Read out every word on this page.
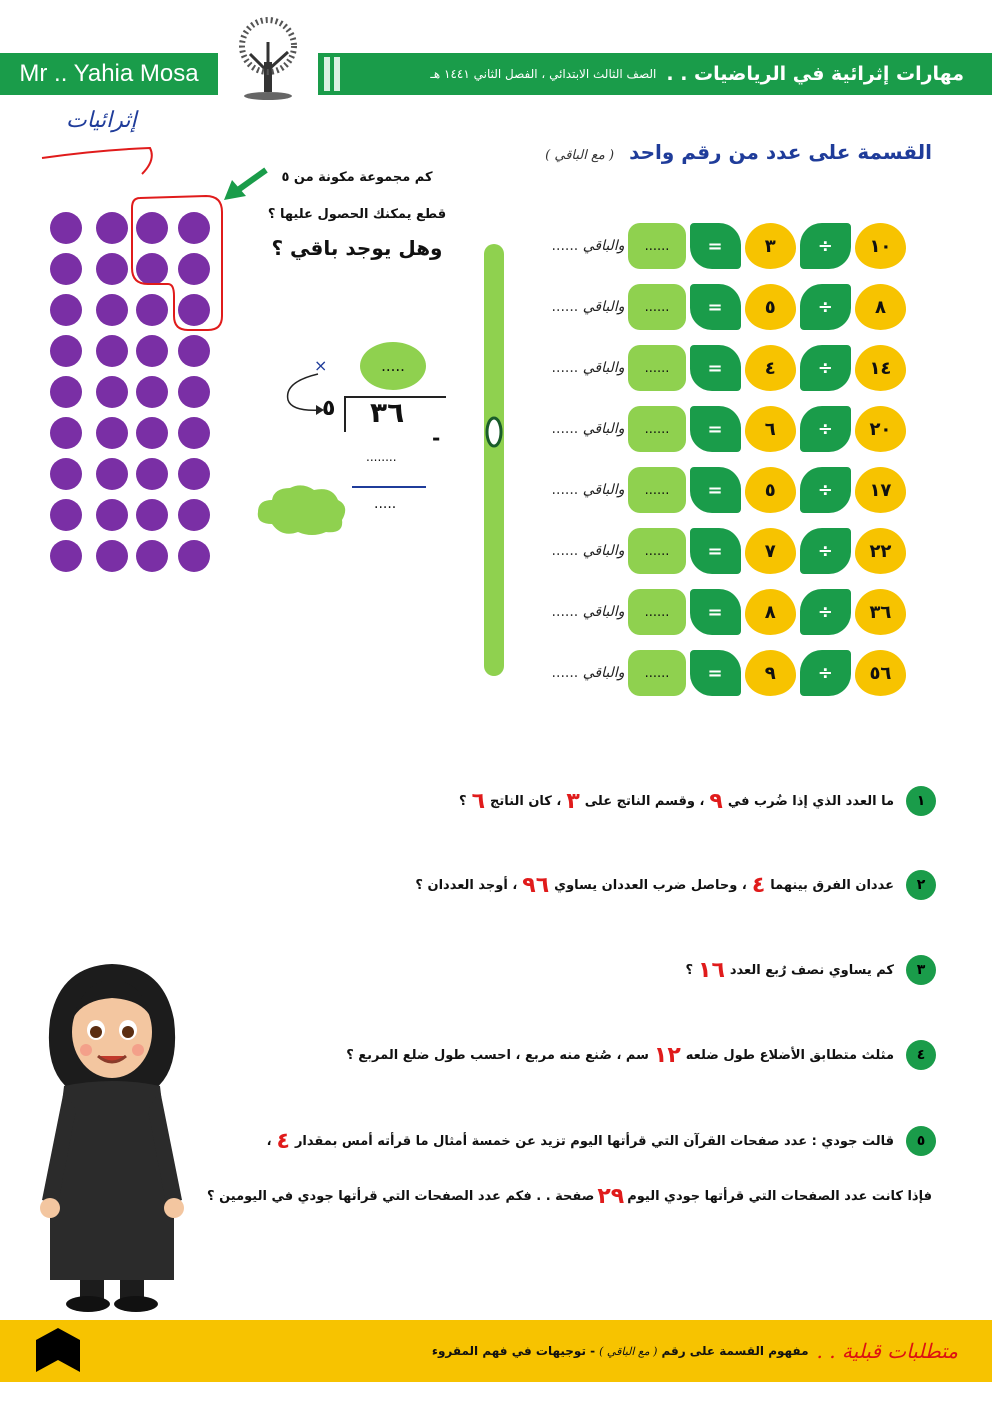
Mr .. Yahia Mosa	مهارات إثرائية في الرياضيات . .
الصف الثالث الابتدائي ، الفصل الثاني ١٤٤١ هـ
إثرائيات
كم مجموعة مكونة من ٥
قطع يمكنك الحصول عليها ؟
وهل يوجد باقي ؟
.....
×
٥ ٣٦
-
........
.....
القسمة على عدد من رقم واحد ( مع الباقي )
والباقي ......	...... = ٣ ÷ ١٠
والباقي ......	...... = ٥ ÷ ٨
والباقي ......	...... = ٤ ÷ ١٤
والباقي ......	...... = ٦ ÷ ٢٠
والباقي ......	...... = ٥ ÷ ١٧
والباقي ......	...... = ٧ ÷ ٢٢
والباقي ......	...... = ٨ ÷ ٣٦
والباقي ......	...... = ٩ ÷ ٥٦
١
ما العدد الذي إذا ضُرب في
٩
، وقسم الناتج على
٣
، كان الناتج
٦
؟
٢
عددان الفرق بينهما
٤
، وحاصل ضرب العددان يساوي
٩٦
، أوجد العددان ؟
٣
كم يساوي نصف رُبع العدد
١٦
؟
٤
مثلث متطابق الأضلاع طول ضلعه
١٢
سم ، صُنع منه مربع ، احسب طول ضلع المربع ؟
٥
قالت جودي : عدد صفحات القرآن التي قرأتها اليوم تزيد عن خمسة أمثال ما قرأته أمس بمقدار
٤
،
فإذا كانت عدد الصفحات التي قرأتها جودي اليوم
٢٩
صفحة . . فكم عدد الصفحات التي قرأتها جودي في اليومين ؟
متطلبات قبلية . .
مفهوم القسمة على رقم
( مع الباقي )
- توجيهات في فهم المقروء
